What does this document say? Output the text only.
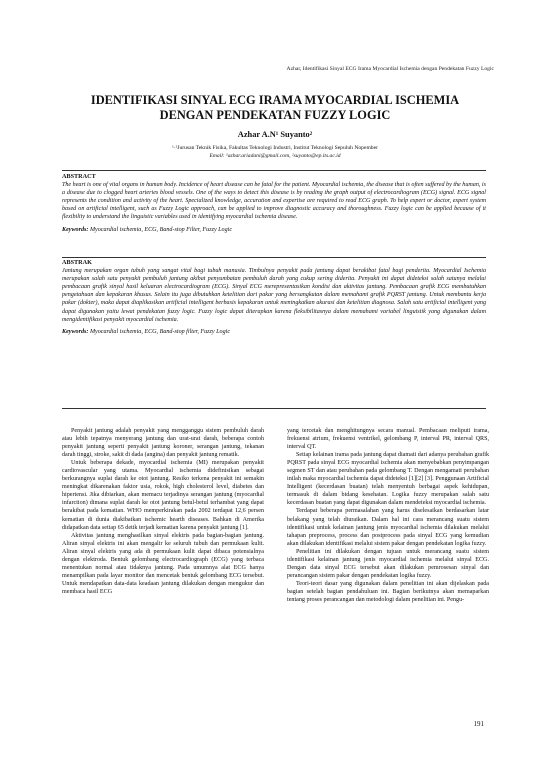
Azhar, Identifikasi Sinyal ECG Irama Myocardial Ischemia dengan Pendekatan Fuzzy Logic
IDENTIFIKASI SINYAL ECG IRAMA MYOCARDIAL ISCHEMIA
DENGAN PENDEKATAN FUZZY LOGIC
Azhar A.N¹ Suyanto²
¹·²Jurusan Teknik Fisika, Fakultas Teknologi Industri, Institut Teknologi Sepuluh Nopember
Email: ¹azhar.ariadani@gmail.com, ²suyanto@ep.its.ac.id
ABSTRACT
The heart is one of vital organs in human body. Incidence of heart disease can be fatal for the patient. Myocardial ischemia, the disease that is often suffered by the human, is a disease due to clogged heart arteries blood vessels. One of the ways to detect this disease is by reading the graph output of electrocardiogram (ECG) signal. ECG signal represents the condition and activity of the heart. Specialized knowledge, accuration and expertise are required to read ECG graph. To help expert or doctor, expert system based on artificial intelligent, such as Fuzzy Logic approach, can be applied to improve diagnostic accuracy and thoroughness. Fuzzy logic can be applied because of it flexibility to understand the linguistic variables used in identifying myocardial ischemia disease.
Keywords: Myocardial ischemia, ECG, Band-stop Filter, Fuzzy Logic
ABSTRAK
Jantung merupakan organ tubuh yang sangat vital bagi tubuh manusia. Timbulnya penyakit pada jantung dapat berakibat fatal bagi penderita. Myocardial Ischemia merupakan salah satu penyakit pembuluh jantung akibat penyumbatan pembuluh darah yang cukup sering diderita. Penyakit ini dapat dideteksi salah satunya melalui pembacaan grafik sinyal hasil keluaran electrocardiogram (ECG). Sinyal ECG merepresentasikan kondisi dan aktivitas jantung. Pembacaan grafik ECG membutuhkan pengetahuan dan kepakaran khusus. Selain itu juga dibutuhkan ketelitian dari pakar yang bersangkutan dalam memahami grafik PQRST jantung. Untuk membantu kerja pakar (dokter), maka dapat diaplikasikan artificial intelligent berbasis kepakaran untuk meningkatkan akurasi dan ketelitian diagnosa. Salah satu artificial intelligent yang dapat digunakan yaitu lewat pendekatan fuzzy logic. Fuzzy logic dapat diterapkan karena fleksibilitasnya dalam memahami variabel linguistik yang digunakan dalam mengidentifikasi penyakit myocardial ischemia.
Keywords: Myocardial ischemia, ECG, Band-stop filter, Fuzzy Logic

Penyakit jantung adalah penyakit yang mengganggu sistem pembuluh darah atau lebih tepatnya menyerang jantung dan urat-urat darah, beberapa contoh penyakit jantung seperti penyakit jantung koroner, serangan jantung, tekanan darah tinggi, stroke, sakit di dada (angina) dan penyakit jantung rematik.

Untuk beberapa dekade, myocardial ischemia (MI) merupakan penyakit cardiovascular yang utama. Myocardial ischemia didefinisikan sebagai berkurangnya suplai darah ke otot jantung. Resiko terkena penyakit ini semakin meningkat dikarenakan faktor usia, rokok, high cholesterol level, diabetes dan hipertensi. Jika dibiarkan, akan memacu terjadinya serangan jantung (myocardial infarction) dimana suplai darah ke otot jantung betul-betul terhambat yang dapat berakibat pada kematian. WHO memperkirakan pada 2002 terdapat 12,6 persen kematian di dunia diakibatkan ischemic hearth diseases. Bahkan di Amerika didapatkan data setiap 65 detik terjadi kematian karena penyakit jantung [1].

Aktivitas jantung menghasilkan sinyal elektris pada bagian-bagian jantung. Aliran sinyal elektris ini akan mengalir ke seluruh tubuh dan permukaan kulit. Aliran sinyal elektris yang ada di permukaan kulit dapat dibaca potensialnya dengan elektroda. Bentuk gelombang electrocardiograph (ECG) yang terbaca menentukan normal atau tidaknya jantung. Pada umumnya alat ECG hanya menampilkan pada layar monitor dan mencetak bentuk gelombang ECG tersebut. Untuk mendapatkan data-data keadaan jantung dilakukan dengan mengukur dan membaca hasil ECG

yang tercetak dan menghitungnya secara manual. Pembacaan meliputi irama, frekuensi atrium, frekuensi ventrikel, gelombang P, interval PR, interval QRS, interval QT.

Setiap kelainan irama pada jantung dapat diamati dari adanya perubahan grafik PQRST pada sinyal ECG myocardial ischemia akan menyebabkan penyimpangan segmen ST dan atau perubahan pada gelombang T. Dengan mengamati perubahan inilah maka myocardial ischemia dapat dideteksi [1][2] [3]. Penggunaan Artificial Intelligent (kecerdasan buatan) telah menyentuh berbagai aspek kehidupan, termasuk di dalam bidang kesehatan. Logika fuzzy merupakan salah satu kecerdasan buatan yang dapat digunakan dalam mendeteksi myocardial ischemia.

Terdapat beberapa permasalahan yang harus diselesaikan berdasarkan latar belakang yang telah diuraikan. Dalam hal ini cara merancang suatu sistem identifikasi untuk kelainan jantung jenis myocardial ischemia dilakukan melalui tahapan preprocess, process dan postprocess pada sinyal ECG yang kemudian akan dilakukan identifikasi melalui sistem pakar dengan pendekatan logika fuzzy.

Penelitian ini dilakukan dengan tujuan untuk merancang suatu sistem identifikasi kelainan jantung jenis myocardial ischemia melalui sinyal ECG. Dengan data sinyal ECG tersebut akan dilakukan pemrosesan sinyal dan perancangan sistem pakar dengan pendekatan logika fuzzy.

Teori-teori dasar yang digunakan dalam penelitian ini akan dijelaskan pada bagian setelah bagian pendahuluan ini. Bagian berikutnya akan memaparkan tentang proses perancangan dan metodologi dalam penelitian ini. Pengu-

191
